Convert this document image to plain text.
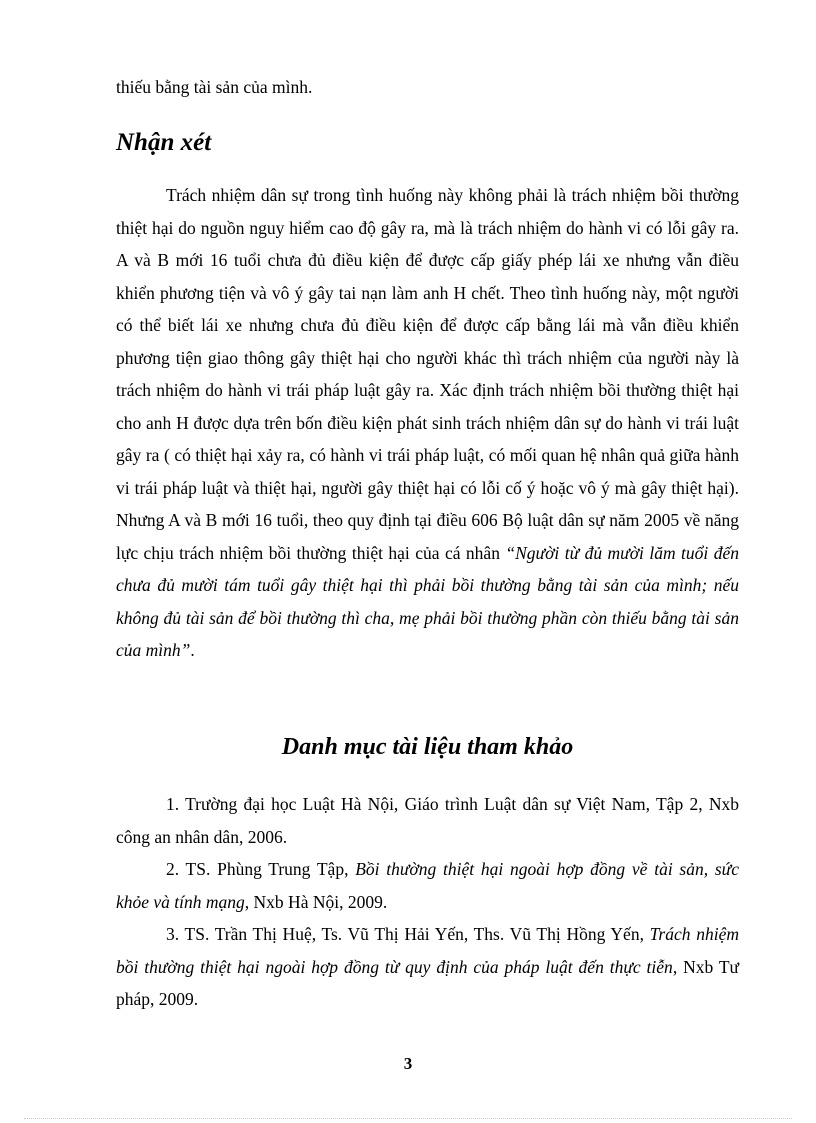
thiếu bằng tài sản của mình.
Nhận xét

Trách nhiệm dân sự trong tình huống này không phải là trách nhiệm bồi thường thiệt hại do nguồn nguy hiểm cao độ gây ra, mà là trách nhiệm do hành vi có lỗi gây ra. A và B mới 16 tuổi chưa đủ điều kiện để được cấp giấy phép lái xe nhưng vẫn điều khiển phương tiện và vô ý gây tai nạn làm anh H chết. Theo tình huống này, một người có thể biết lái xe nhưng chưa đủ điều kiện để được cấp bằng lái mà vẫn điều khiển phương tiện giao thông gây thiệt hại cho người khác thì trách nhiệm của người này là trách nhiệm do hành vi trái pháp luật gây ra. Xác định trách nhiệm bồi thường thiệt hại cho anh H được dựa trên bốn điều kiện phát sinh trách nhiệm dân sự do hành vi trái luật gây ra ( có thiệt hại xảy ra, có hành vi trái pháp luật, có mối quan hệ nhân quả giữa hành vi trái pháp luật và thiệt hại, người gây thiệt hại có lỗi cố ý hoặc vô ý mà gây thiệt hại). Nhưng A và B mới 16 tuổi, theo quy định tại điều 606 Bộ luật dân sự năm 2005 về năng lực chịu trách nhiệm bồi thường thiệt hại của cá nhân “Người từ đủ mười lăm tuổi đến chưa đủ mười tám tuổi gây thiệt hại thì phải bồi thường bằng tài sản của mình; nếu không đủ tài sản để bồi thường thì cha, mẹ phải bồi thường phần còn thiếu bằng tài sản của mình”.

Danh mục tài liệu tham khảo

1. Trường đại học Luật Hà Nội, Giáo trình Luật dân sự Việt Nam, Tập 2, Nxb công an nhân dân, 2006.

2. TS. Phùng Trung Tập, Bồi thường thiệt hại ngoài hợp đồng về tài sản, sức khỏe và tính mạng, Nxb Hà Nội, 2009.

3. TS. Trần Thị Huệ, Ts. Vũ Thị Hải Yến, Ths. Vũ Thị Hồng Yến, Trách nhiệm bồi thường thiệt hại ngoài hợp đồng từ quy định của pháp luật đến thực tiễn, Nxb Tư pháp, 2009.

3
